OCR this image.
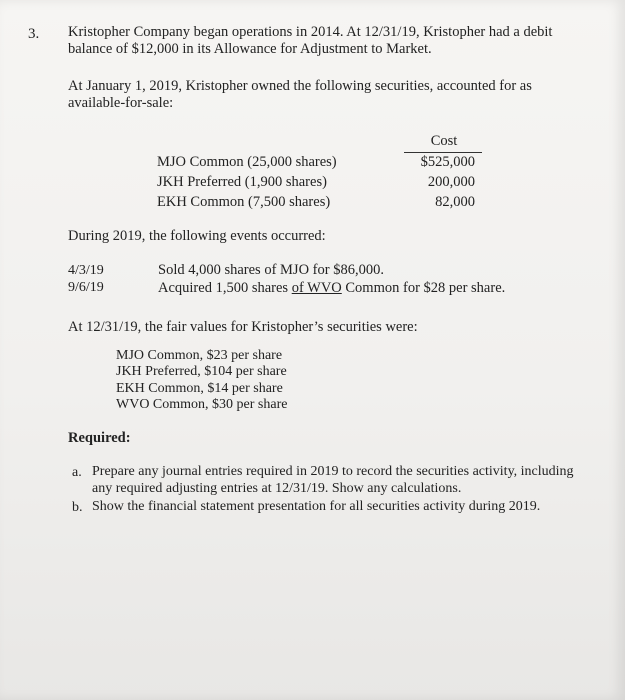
3. Kristopher Company began operations in 2014. At 12/31/19, Kristopher had a debit
balance of $12,000 in its Allowance for Adjustment to Market.
At January 1, 2019, Kristopher owned the following securities, accounted for as
available-for-sale:
Cost
MJO Common (25,000 shares)	$525,000
JKH Preferred (1,900 shares)	200,000
EKH Common (7,500 shares)	82,000
During 2019, the following events occurred:
4/3/19	Sold 4,000 shares of MJO for $86,000.
9/6/19	Acquired 1,500 shares of WVO Common for $28 per share.
At 12/31/19, the fair values for Kristopher’s securities were:
MJO Common, $23 per share
JKH Preferred, $104 per share
EKH Common, $14 per share
WVO Common, $30 per share
Required:
a. Prepare any journal entries required in 2019 to record the securities activity, including
any required adjusting entries at 12/31/19. Show any calculations.
b. Show the financial statement presentation for all securities activity during 2019.
